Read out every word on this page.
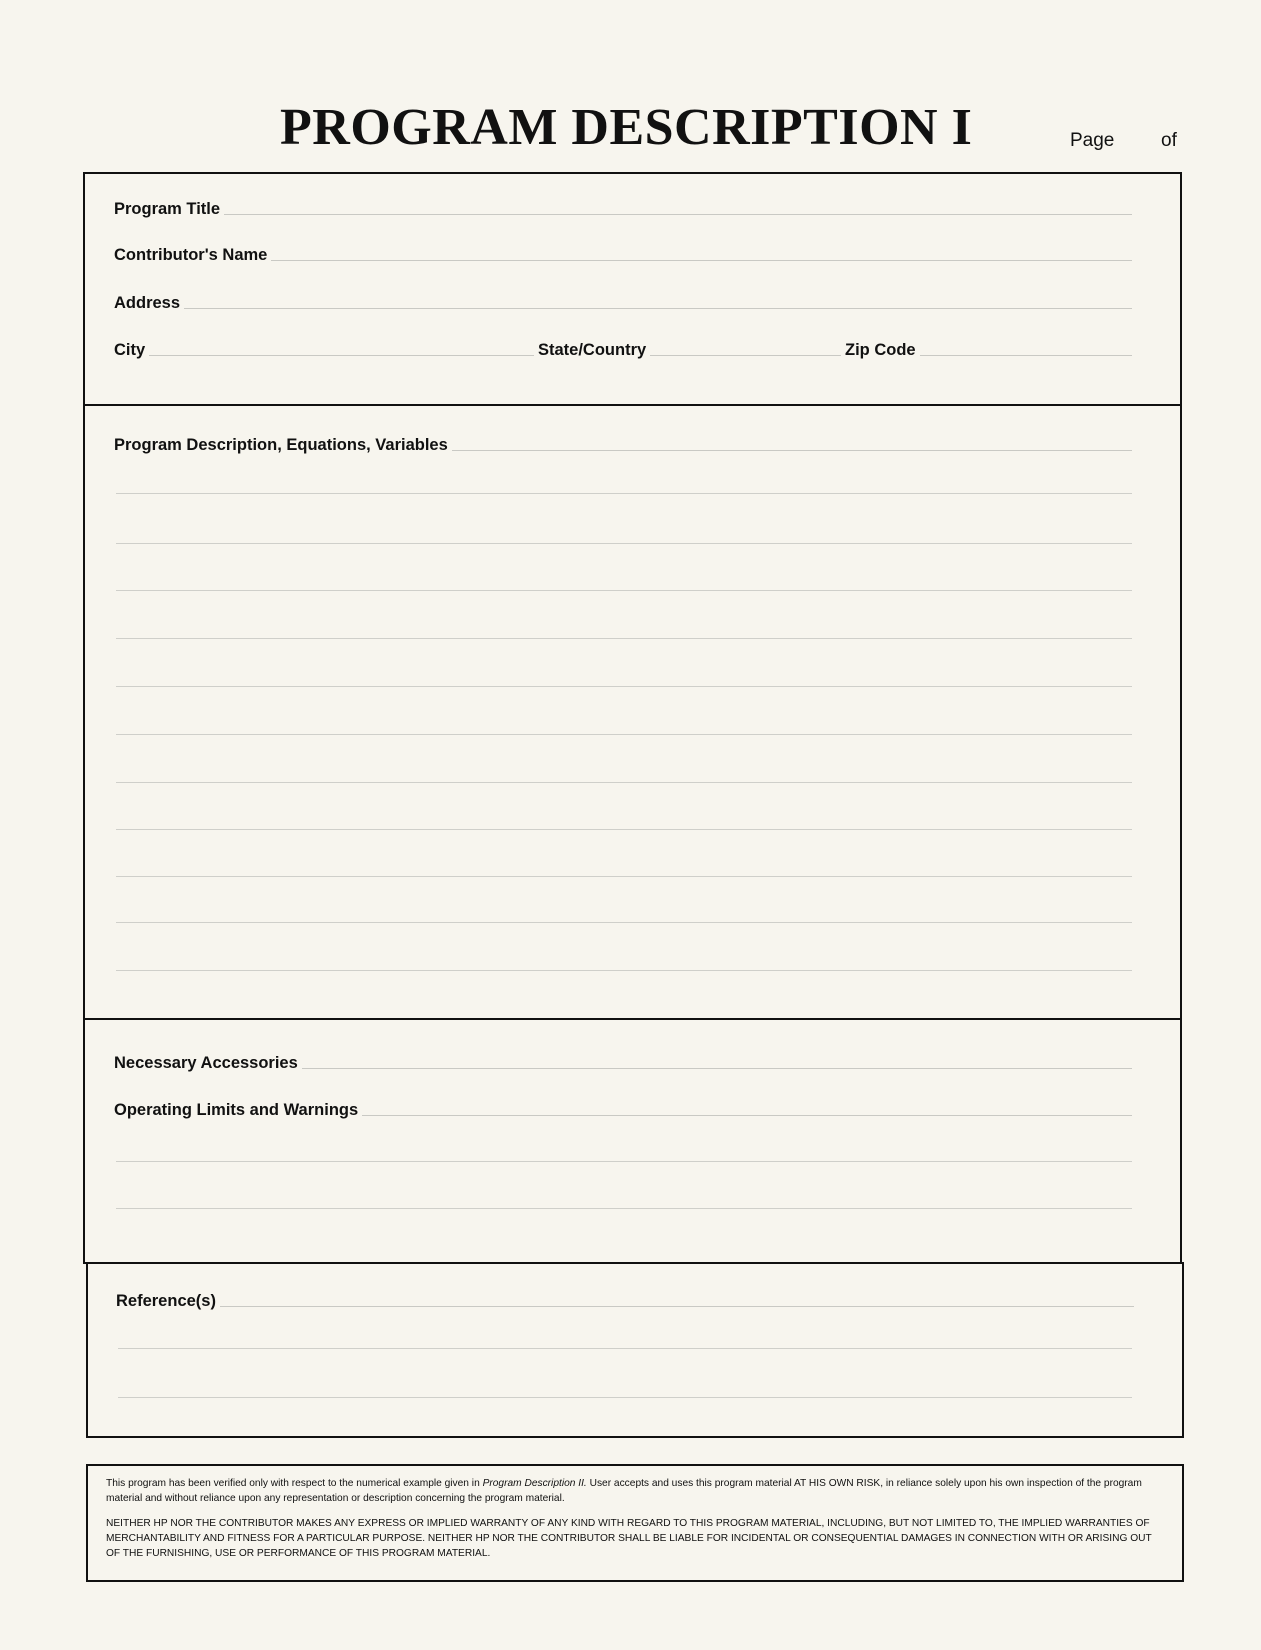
PROGRAM DESCRIPTION I	Page of
Program Title
Contributor's Name
Address
City	State/Country	Zip Code
Program Description, Equations, Variables
Necessary Accessories
Operating Limits and Warnings
Reference(s)

This program has been verified only with respect to the numerical example given in Program Description II. User accepts and uses this program material AT HIS OWN RISK, in reliance solely upon his own inspection of the program material and without reliance upon any representation or description concerning the program material.

NEITHER HP NOR THE CONTRIBUTOR MAKES ANY EXPRESS OR IMPLIED WARRANTY OF ANY KIND WITH REGARD TO THIS PROGRAM MATERIAL, INCLUDING, BUT NOT LIMITED TO, THE IMPLIED WARRANTIES OF MERCHANTABILITY AND FITNESS FOR A PARTICULAR PURPOSE. NEITHER HP NOR THE CONTRIBUTOR SHALL BE LIABLE FOR INCIDENTAL OR CONSEQUENTIAL DAMAGES IN CONNECTION WITH OR ARISING OUT OF THE FURNISHING, USE OR PERFORMANCE OF THIS PROGRAM MATERIAL.
